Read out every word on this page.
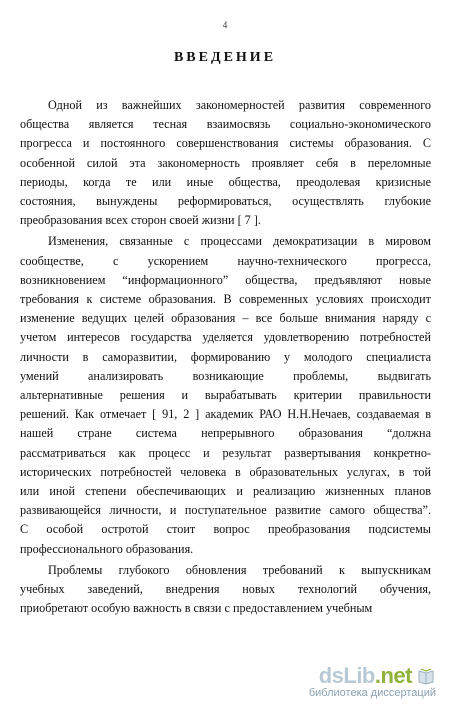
4
ВВЕДЕНИЕ
Одной из важнейших закономерностей развития современного
общества является тесная взаимосвязь социально-экономического
прогресса и постоянного совершенствования системы образования. С
особенной силой эта закономерность проявляет себя в переломные
периоды, когда те или иные общества, преодолевая кризисные
состояния, вынуждены реформироваться, осуществлять глубокие
преобразования всех сторон своей жизни [ 7 ].
Изменения, связанные с процессами демократизации в мировом
сообществе, с ускорением научно-технического прогресса,
возникновением “информационного” общества, предъявляют новые
требования к системе образования. В современных условиях происходит
изменение ведущих целей образования – все больше внимания наряду с
учетом интересов государства уделяется удовлетворению потребностей
личности в саморазвитии, формированию у молодого специалиста
умений анализировать возникающие проблемы, выдвигать
альтернативные решения и вырабатывать критерии правильности
решений. Как отмечает [ 91, 2 ] академик РАО Н.Н.Нечаев, создаваемая в
нашей стране система непрерывного образования “должна
рассматриваться как процесс и результат развертывания конкретно-
исторических потребностей человека в образовательных услугах, в той
или иной степени обеспечивающих и реализацию жизненных планов
развивающейся личности, и поступательное развитие самого общества”.
С особой остротой стоит вопрос преобразования подсистемы
профессионального образования.
Проблемы глубокого обновления требований к выпускникам
учебных заведений, внедрения новых технологий обучения,
приобретают особую важность в связи с предоставлением учебным
dsLib.net
библиотека диссертаций
